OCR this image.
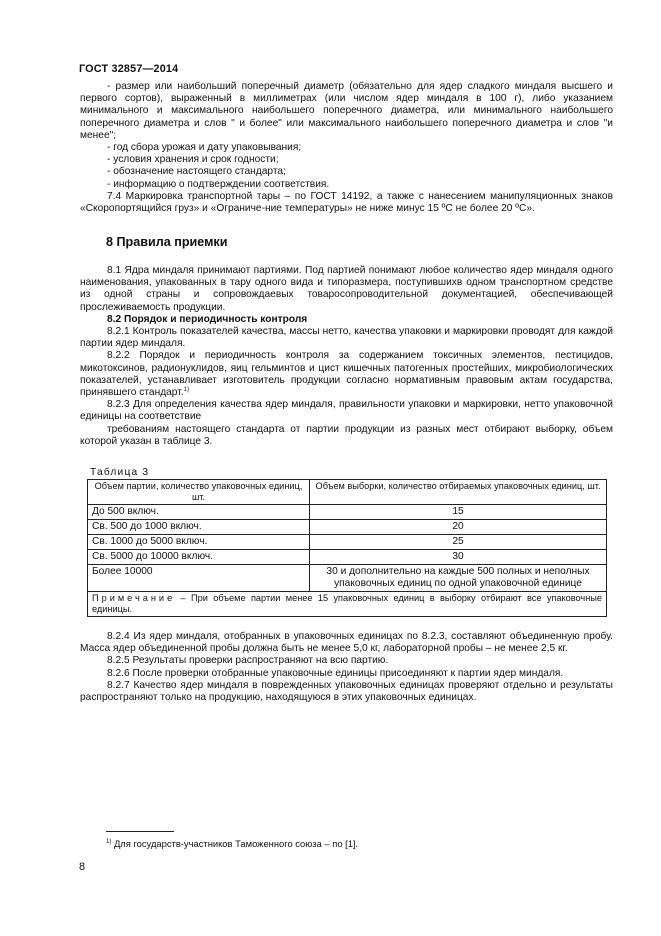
ГОСТ 32857—2014

- размер или наибольший поперечный диаметр (обязательно для ядер сладкого миндаля высшего и первого сортов), выраженный в миллиметрах (или числом ядер миндаля в 100 г), либо указанием минимального и максимального наибольшего поперечного диаметра, или минимального наибольшего поперечного диаметра и слов " и более" или максимального наибольшего поперечного диаметра и слов "и менее";

- год сбора урожая и дату упаковывания;

- условия хранения и срок годности;

- обозначение настоящего стандарта;

- информацию о подтверждении соответствия.

7.4 Маркировка транспортной тары – по ГОСТ 14192, а также с нанесением манипуляционных знаков «Скоропортящийся груз» и «Ограниче-ние температуры» не ниже минус 15 ºС не более 20 ºС».

8 Правила приемки

8.1 Ядра миндаля принимают партиями. Под партией понимают любое количество ядер миндаля одного наименования, упакованных в тару одного вида и типоразмера, поступившихв одном транспортном средстве из одной страны и сопровождаевых товаросопроводительной документацией, обеспечивающей прослеживаемость продукции.

8.2 Порядок и периодичность контроля

8.2.1 Контроль показателей качества, массы нетто, качества упаковки и маркировки проводят для каждой партии ядер миндаля.

8.2.2 Порядок и периодичность контроля за содержанием токсичных элементов, пестицидов, микотоксинов, радионуклидов, яиц гельминтов и цист кишечных патогенных простейших, микробиологических показателей, устанавливает изготовитель продукции согласно нормативным правовым актам государства, принявшего стандарт.$^{1)}$

8.2.3 Для определения качества ядер миндаля, правильности упаковки и маркировки, нетто упаковочной единицы на соответствие

требованиям настоящего стандарта от партии продукции из разных мест отбирают выборку, объем которой указан в таблице 3.

Таблица 3
Объем партии, количество упаковочных единиц, шт.	Объем выборки, количество отбираемых упаковочных единиц, шт.
До 500 включ.	15
Св. 500 до 1000 включ.	20
Св. 1000 до 5000 включ.	25
Св. 5000 до 10000 включ.	30
Более 10000	30 и дополнительно на каждые 500 полных и неполных упаковочных единиц по одной упаковочной единице
Примечание – При объеме партии менее 15 упаковочных единиц в выборку отбирают все упаковочные единицы.	

8.2.4 Из ядер миндаля, отобранных в упаковочных единицах по 8.2.3, составляют объединенную пробу. Масса ядер объединенной пробы должна быть не менее 5,0 кг, лабораторной пробы – не менее 2,5 кг.

8.2.5 Результаты проверки распространяют на всю партию.

8.2.6 После проверки отобранные упаковочные единицы присоединяют к партии ядер миндаля.

8.2.7 Качество ядер миндаля в поврежденных упаковочных единицах проверяют отдельно и результаты распространяют только на продукцию, находящуюся в этих упаковочных единицах.

$^{1)}$ Для государств-участников Таможенного союза – по [1].
8
